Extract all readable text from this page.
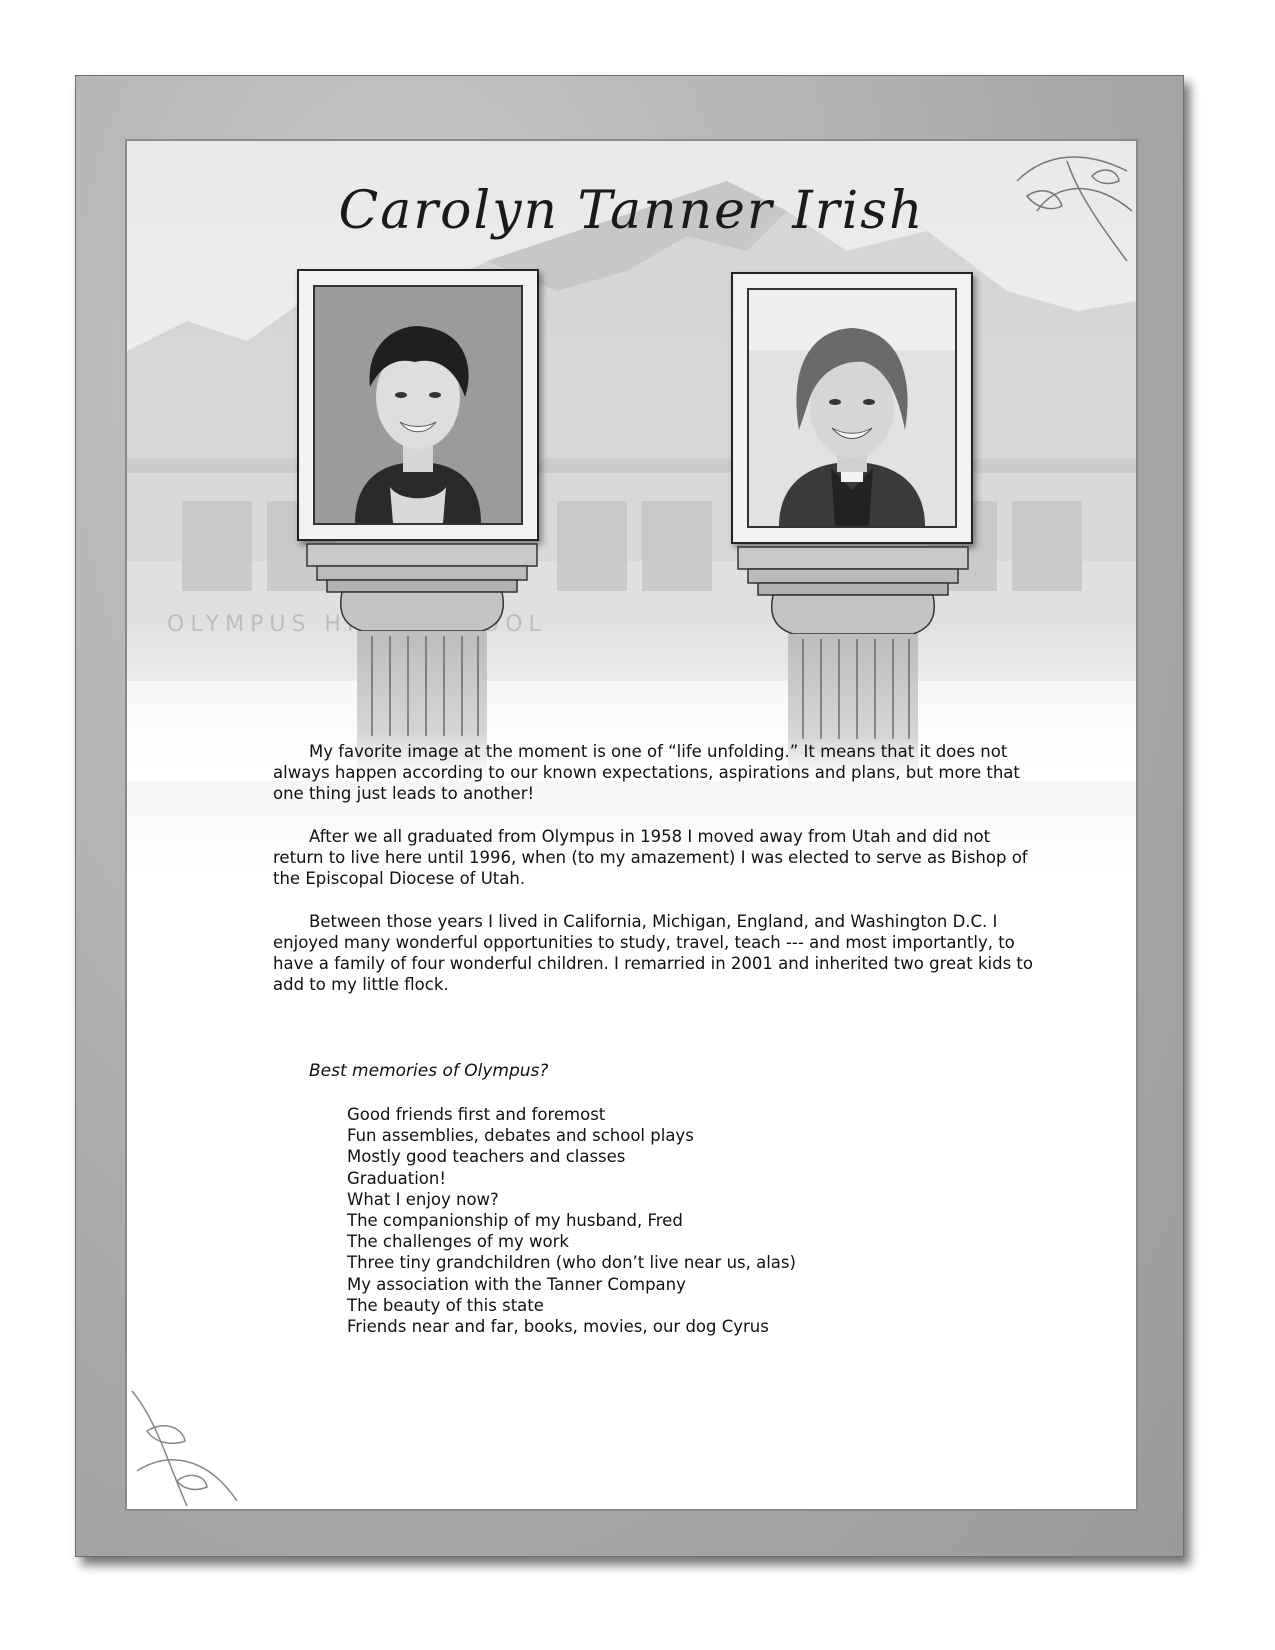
Carolyn Tanner Irish

My favorite image at the moment is one of “life unfolding.” It means that it does not always happen according to our known expectations, aspirations and plans, but more that one thing just leads to another!

After we all graduated from Olympus in 1958 I moved away from Utah and did not return to live here until 1996, when (to my amazement) I was elected to serve as Bishop of the Episcopal Diocese of Utah.

Between those years I lived in California, Michigan, England, and Washington D.C. I enjoyed many wonderful opportunities to study, travel, teach --- and most importantly, to have a family of four wonderful children. I remarried in 2001 and inherited two great kids to add to my little flock.

Best memories of Olympus?
Good friends first and foremost
Fun assemblies, debates and school plays
Mostly good teachers and classes
Graduation!
What I enjoy now?
The companionship of my husband, Fred
The challenges of my work
Three tiny grandchildren (who don’t live near us, alas)
My association with the Tanner Company
The beauty of this state
Friends near and far, books, movies, our dog Cyrus
